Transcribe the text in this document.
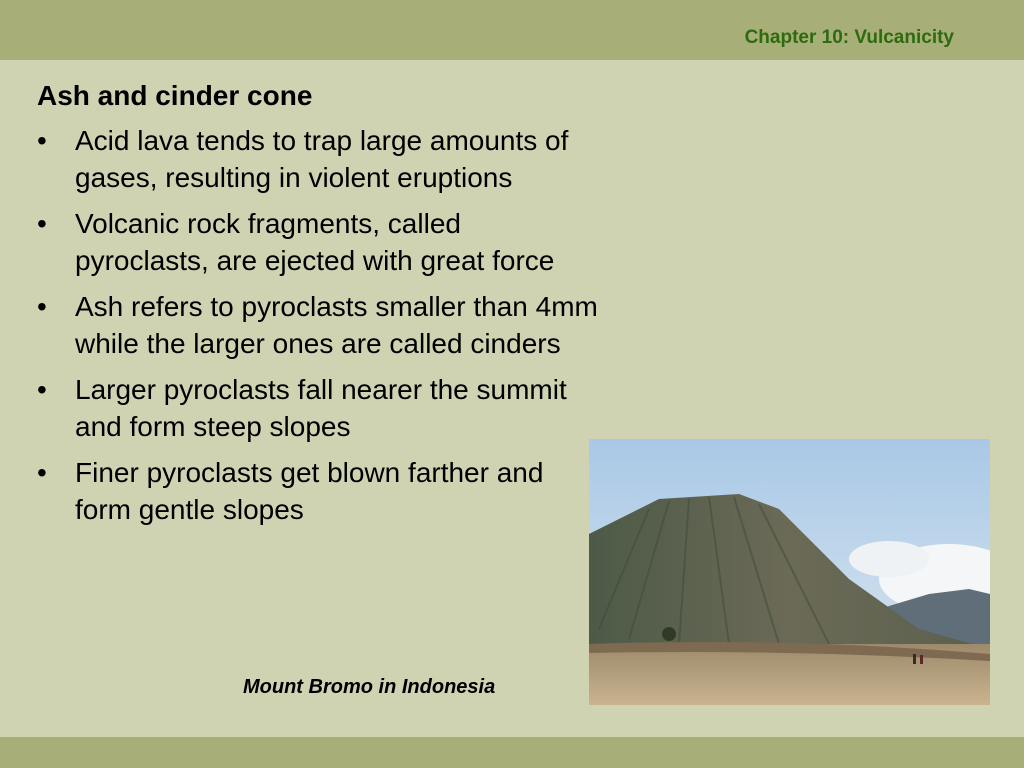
Chapter 10: Vulcanicity
Ash and cinder cone
• Acid lava tends to trap large amounts of gases, resulting in violent eruptions
• Volcanic rock fragments, called pyroclasts, are ejected with great force
• Ash refers to pyroclasts smaller than 4mm while the larger ones are called cinders
• Larger pyroclasts fall nearer the summit and form steep slopes
• Finer pyroclasts get blown farther and form gentle slopes
Mount Bromo in Indonesia
